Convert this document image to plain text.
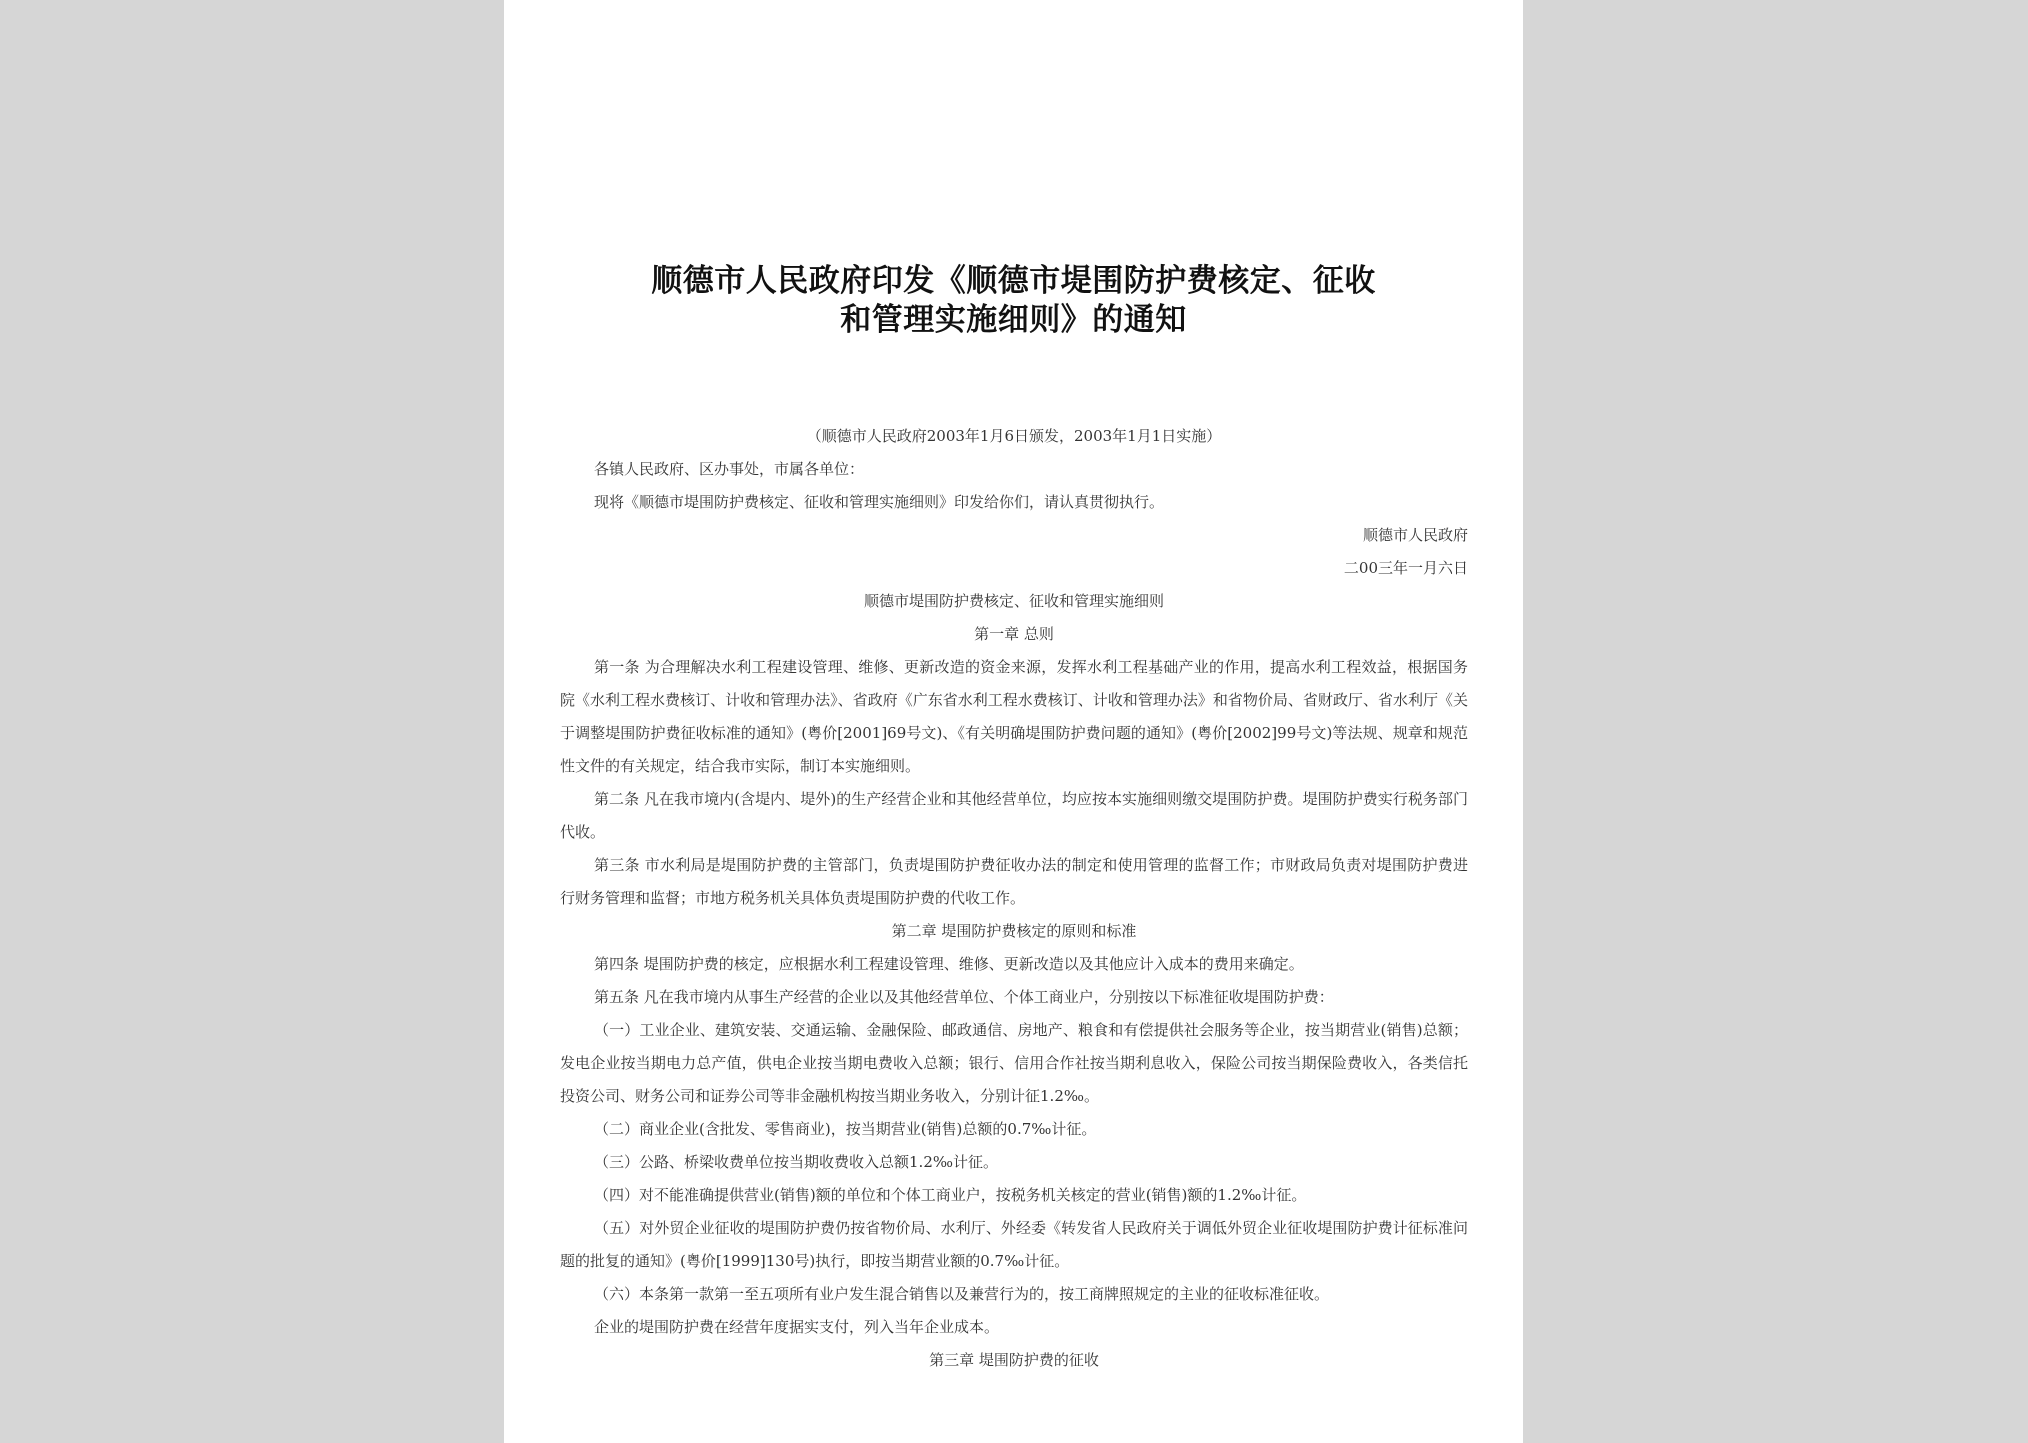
顺德市人民政府印发《顺德市堤围防护费核定、征收
和管理实施细则》的通知
（顺德市人民政府2003年1月6日颁发，2003年1月1日实施）
各镇人民政府、区办事处，市属各单位：
现将《顺德市堤围防护费核定、征收和管理实施细则》印发给你们，请认真贯彻执行。
顺德市人民政府
二00三年一月六日
顺德市堤围防护费核定、征收和管理实施细则
第一章 总则
第一条 为合理解决水利工程建设管理、维修、更新改造的资金来源，发挥水利工程基础产业的作用，提高水利工程效益，根据国务院《水利工程水费核订、计收和管理办法》、省政府《广东省水利工程水费核订、计收和管理办法》和省物价局、省财政厅、省水利厅《关于调整堤围防护费征收标准的通知》(粤价[2001]69号文)、《有关明确堤围防护费问题的通知》(粤价[2002]99号文)等法规、规章和规范性文件的有关规定，结合我市实际，制订本实施细则。
第二条 凡在我市境内(含堤内、堤外)的生产经营企业和其他经营单位，均应按本实施细则缴交堤围防护费。堤围防护费实行税务部门代收。
第三条 市水利局是堤围防护费的主管部门，负责堤围防护费征收办法的制定和使用管理的监督工作；市财政局负责对堤围防护费进行财务管理和监督；市地方税务机关具体负责堤围防护费的代收工作。
第二章 堤围防护费核定的原则和标准
第四条 堤围防护费的核定，应根据水利工程建设管理、维修、更新改造以及其他应计入成本的费用来确定。
第五条 凡在我市境内从事生产经营的企业以及其他经营单位、个体工商业户，分别按以下标准征收堤围防护费：
（一）工业企业、建筑安装、交通运输、金融保险、邮政通信、房地产、粮食和有偿提供社会服务等企业，按当期营业(销售)总额；发电企业按当期电力总产值，供电企业按当期电费收入总额；银行、信用合作社按当期利息收入，保险公司按当期保险费收入，各类信托投资公司、财务公司和证券公司等非金融机构按当期业务收入，分别计征1.2‰。
（二）商业企业(含批发、零售商业)，按当期营业(销售)总额的0.7‰计征。
（三）公路、桥梁收费单位按当期收费收入总额1.2‰计征。
（四）对不能准确提供营业(销售)额的单位和个体工商业户，按税务机关核定的营业(销售)额的1.2‰计征。
（五）对外贸企业征收的堤围防护费仍按省物价局、水利厅、外经委《转发省人民政府关于调低外贸企业征收堤围防护费计征标准问题的批复的通知》(粤价[1999]130号)执行，即按当期营业额的0.7‰计征。
（六）本条第一款第一至五项所有业户发生混合销售以及兼营行为的，按工商牌照规定的主业的征收标准征收。
企业的堤围防护费在经营年度据实支付，列入当年企业成本。
第三章 堤围防护费的征收
